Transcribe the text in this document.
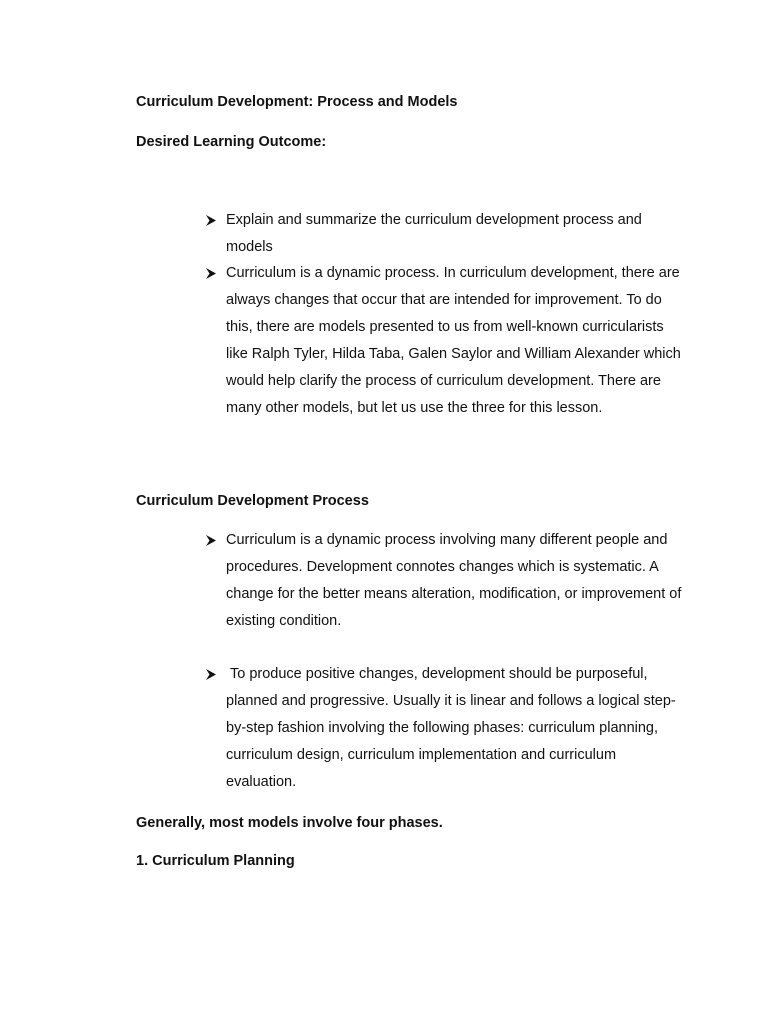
Curriculum Development: Process and Models
Desired Learning Outcome:
Explain and summarize the curriculum development process and models
Curriculum is a dynamic process. In curriculum development, there are always changes that occur that are intended for improvement. To do this, there are models presented to us from well-known curricularists like Ralph Tyler, Hilda Taba, Galen Saylor and William Alexander which would help clarify the process of curriculum development. There are many other models, but let us use the three for this lesson.
Curriculum Development Process
Curriculum is a dynamic process involving many different people and procedures. Development connotes changes which is systematic. A change for the better means alteration, modification, or improvement of existing condition.
To produce positive changes, development should be purposeful, planned and progressive. Usually it is linear and follows a logical step-by-step fashion involving the following phases: curriculum planning, curriculum design, curriculum implementation and curriculum evaluation.
Generally, most models involve four phases.
1. Curriculum Planning
